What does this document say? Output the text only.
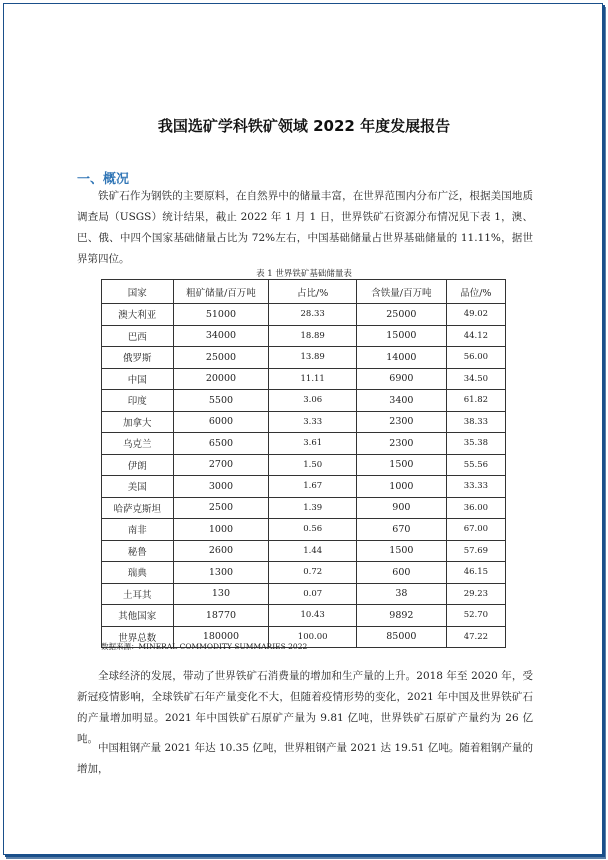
我国选矿学科铁矿领域 2022 年度发展报告
一、概况

铁矿石作为钢铁的主要原料，在自然界中的储量丰富，在世界范围内分布广泛，根据美国地质调查局（USGS）统计结果，截止 2022 年 1 月 1 日，世界铁矿石资源分布情况见下表 1，澳、巴、俄、中四个国家基础储量占比为 72%左右，中国基础储量占世界基础储量的 11.11%，据世界第四位。

表 1 世界铁矿基础储量表
国家	粗矿储量/百万吨	占比/%	含铁量/百万吨	品位/%
澳大利亚	51000	28.33	25000	49.02
巴西	34000	18.89	15000	44.12
俄罗斯	25000	13.89	14000	56.00
中国	20000	11.11	6900	34.50
印度	5500	3.06	3400	61.82
加拿大	6000	3.33	2300	38.33
乌克兰	6500	3.61	2300	35.38
伊朗	2700	1.50	1500	55.56
美国	3000	1.67	1000	33.33
哈萨克斯坦	2500	1.39	900	36.00
南非	1000	0.56	670	67.00
秘鲁	2600	1.44	1500	57.69
瑞典	1300	0.72	600	46.15
土耳其	130	0.07	38	29.23
其他国家	18770	10.43	9892	52.70
世界总数	180000	100.00	85000	47.22
数据来源：MINERAL COMMODITY SUMMARIES 2022

全球经济的发展，带动了世界铁矿石消费量的增加和生产量的上升。2018 年至 2020 年，受新冠疫情影响，全球铁矿石年产量变化不大，但随着疫情形势的变化，2021 年中国及世界铁矿石的产量增加明显。2021 年中国铁矿石原矿产量为 9.81 亿吨，世界铁矿石原矿产量约为 26 亿吨。

中国粗钢产量 2021 年达 10.35 亿吨，世界粗钢产量 2021 达 19.51 亿吨。随着粗钢产量的增加，
